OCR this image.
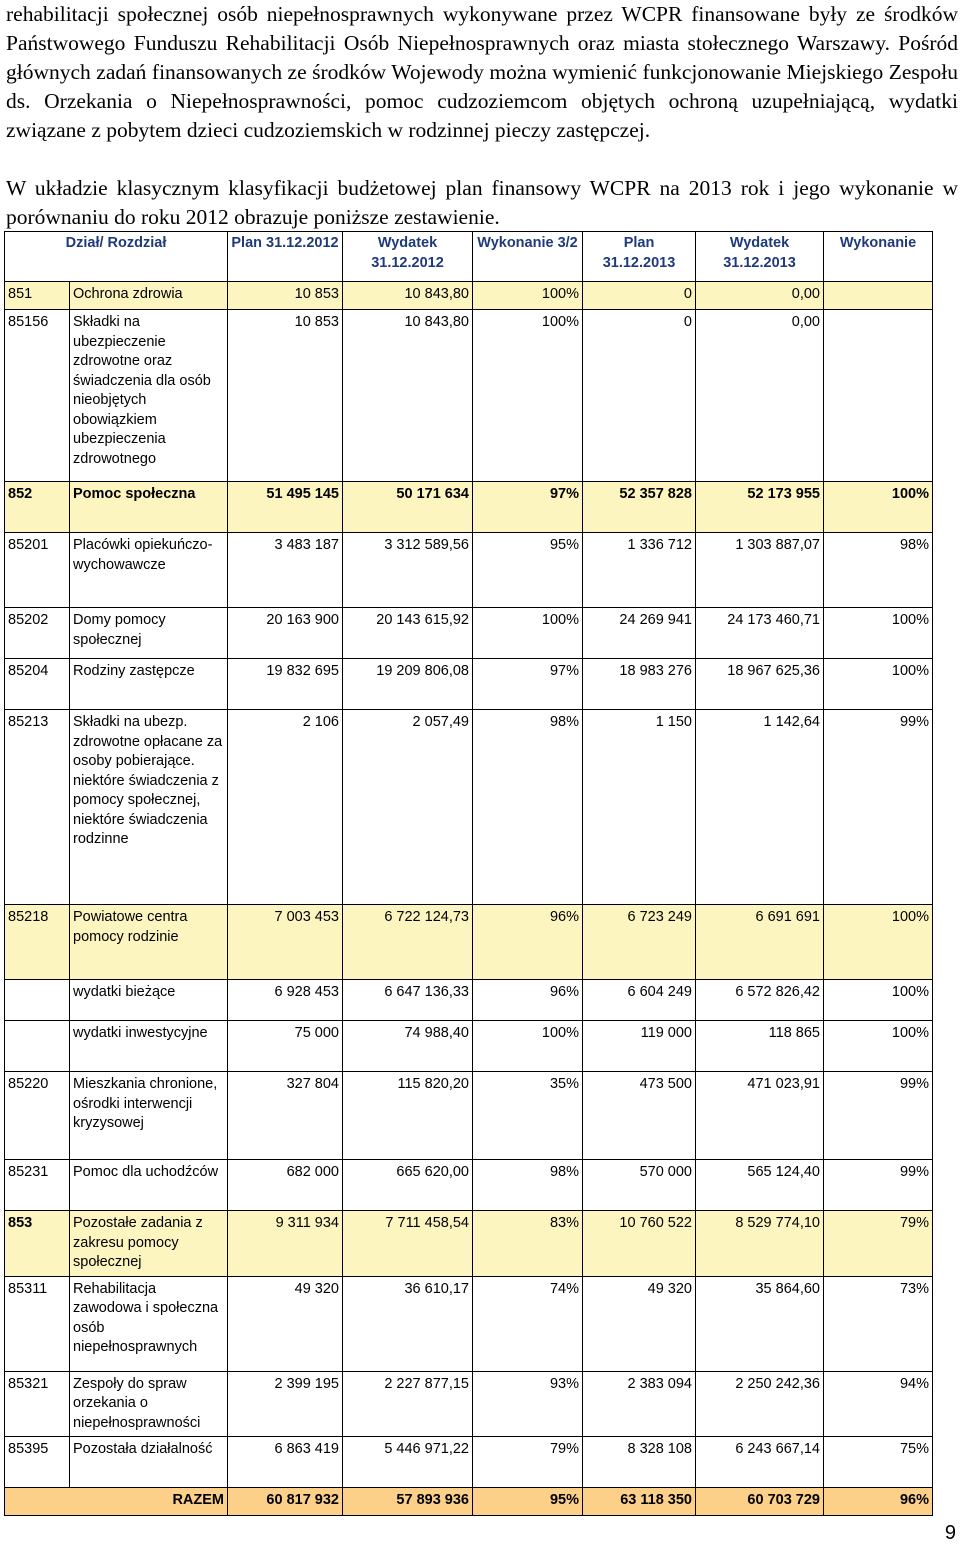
rehabilitacji społecznej osób niepełnosprawnych wykonywane przez WCPR finansowane były ze środków Państwowego Funduszu Rehabilitacji Osób Niepełnosprawnych oraz miasta stołecznego Warszawy. Pośród głównych zadań finansowanych ze środków Wojewody można wymienić funkcjonowanie Miejskiego Zespołu ds. Orzekania o Niepełnosprawności, pomoc cudzoziemcom objętych ochroną uzupełniającą, wydatki związane z pobytem dzieci cudzoziemskich w rodzinnej pieczy zastępczej.

W układzie klasycznym klasyfikacji budżetowej plan finansowy WCPR na 2013 rok i jego wykonanie w porównaniu do roku 2012 obrazuje poniższe zestawienie.

Dział/ Rozdział		Plan 31.12.2012	Wydatek 31.12.2012	Wykonanie 3/2	Plan 31.12.2013	Wydatek 31.12.2013	Wykonanie
851	Ochrona zdrowia	10 853	10 843,80	100%	0	0,00	
85156	Składki na ubezpieczenie zdrowotne oraz świadczenia dla osób nieobjętych obowiązkiem ubezpieczenia zdrowotnego	10 853	10 843,80	100%	0	0,00	
852	Pomoc społeczna	51 495 145	50 171 634	97%	52 357 828	52 173 955	100%
85201	Placówki opiekuńczo-wychowawcze	3 483 187	3 312 589,56	95%	1 336 712	1 303 887,07	98%
85202	Domy pomocy społecznej	20 163 900	20 143 615,92	100%	24 269 941	24 173 460,71	100%
85204	Rodziny zastępcze	19 832 695	19 209 806,08	97%	18 983 276	18 967 625,36	100%
85213	Składki na ubezp. zdrowotne opłacane za osoby pobierające. niektóre świadczenia z pomocy społecznej, niektóre świadczenia rodzinne	2 106	2 057,49	98%	1 150	1 142,64	99%
85218	Powiatowe centra pomocy rodzinie	7 003 453	6 722 124,73	96%	6 723 249	6 691 691	100%
	wydatki bieżące	6 928 453	6 647 136,33	96%	6 604 249	6 572 826,42	100%
	wydatki inwestycyjne	75 000	74 988,40	100%	119 000	118 865	100%
85220	Mieszkania chronione, ośrodki interwencji kryzysowej	327 804	115 820,20	35%	473 500	471 023,91	99%
85231	Pomoc dla uchodźców	682 000	665 620,00	98%	570 000	565 124,40	99%
853	Pozostałe zadania z zakresu pomocy społecznej	9 311 934	7 711 458,54	83%	10 760 522	8 529 774,10	79%
85311	Rehabilitacja zawodowa i społeczna osób niepełnosprawnych	49 320	36 610,17	74%	49 320	35 864,60	73%
85321	Zespoły do spraw orzekania o niepełnosprawności	2 399 195	2 227 877,15	93%	2 383 094	2 250 242,36	94%
85395	Pozostała działalność	6 863 419	5 446 971,22	79%	8 328 108	6 243 667,14	75%
RAZEM		60 817 932	57 893 936	95%	63 118 350	60 703 729	96%
9
